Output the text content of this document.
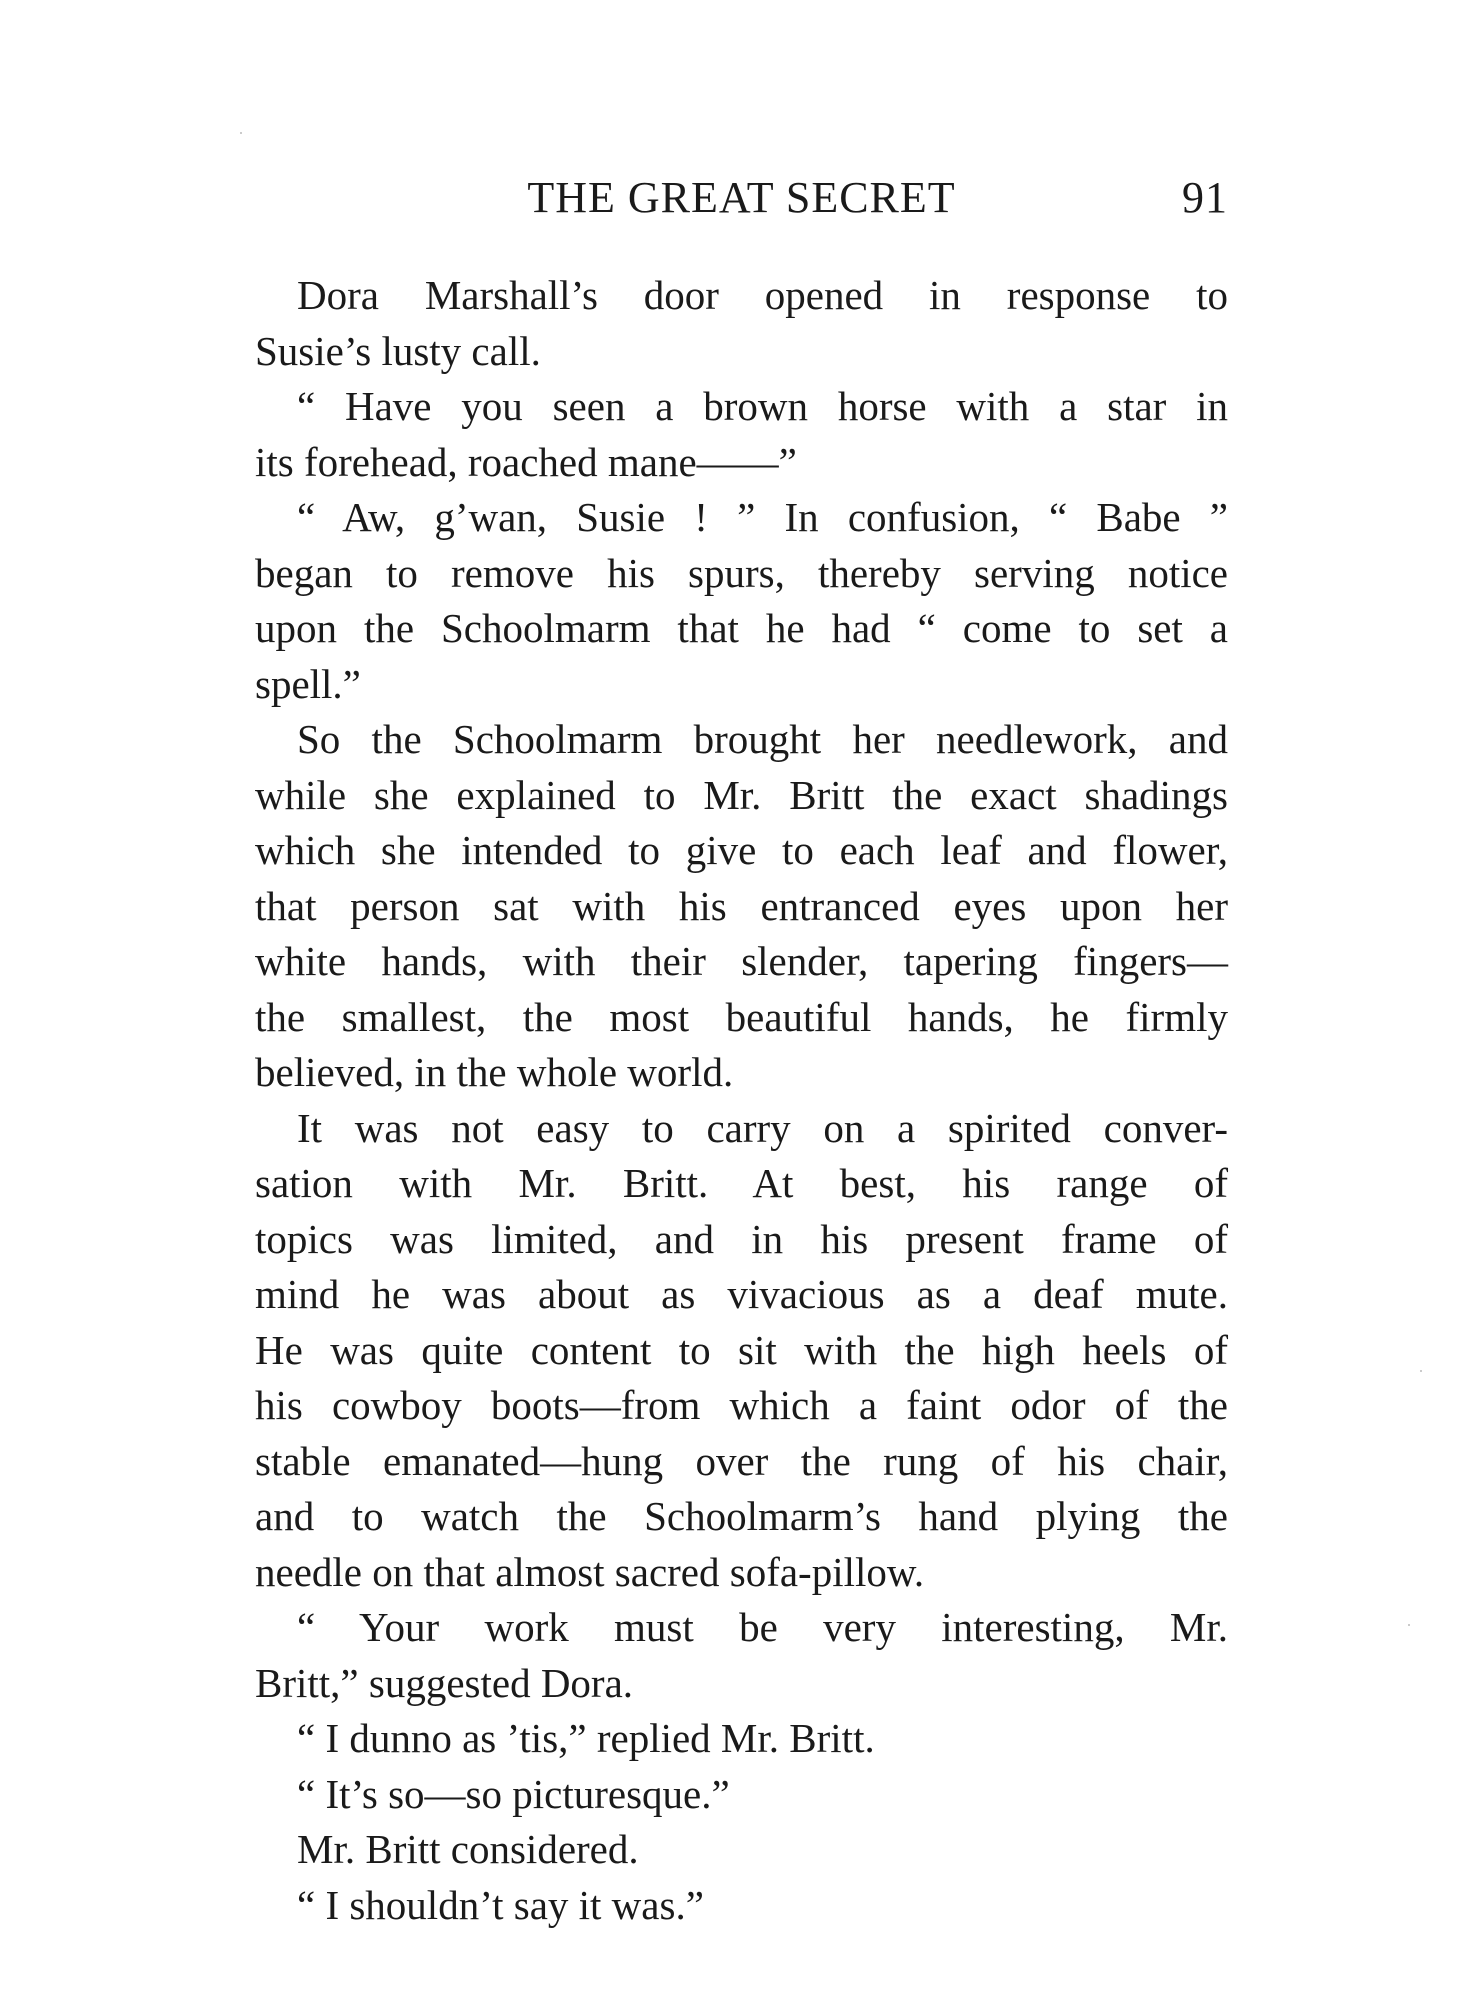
THE GREAT SECRET	91
Dora Marshall’s door opened in response to
Susie’s lusty call.
“ Have you seen a brown horse with a star in
its forehead, roached mane——”
“ Aw, g’wan, Susie ! ” In confusion, “ Babe ”
began to remove his spurs, thereby serving notice
upon the Schoolmarm that he had “ come to set a
spell.”
So the Schoolmarm brought her needlework, and
while she explained to Mr. Britt the exact shadings
which she intended to give to each leaf and flower,
that person sat with his entranced eyes upon her
white hands, with their slender, tapering fingers—
the smallest, the most beautiful hands, he firmly
believed, in the whole world.
It was not easy to carry on a spirited conver-
sation with Mr. Britt. At best, his range of
topics was limited, and in his present frame of
mind he was about as vivacious as a deaf mute.
He was quite content to sit with the high heels of
his cowboy boots—from which a faint odor of the
stable emanated—hung over the rung of his chair,
and to watch the Schoolmarm’s hand plying the
needle on that almost sacred sofa-pillow.
“ Your work must be very interesting, Mr.
Britt,” suggested Dora.
“ I dunno as ’tis,” replied Mr. Britt.
“ It’s so—so picturesque.”
Mr. Britt considered.
“ I shouldn’t say it was.”
